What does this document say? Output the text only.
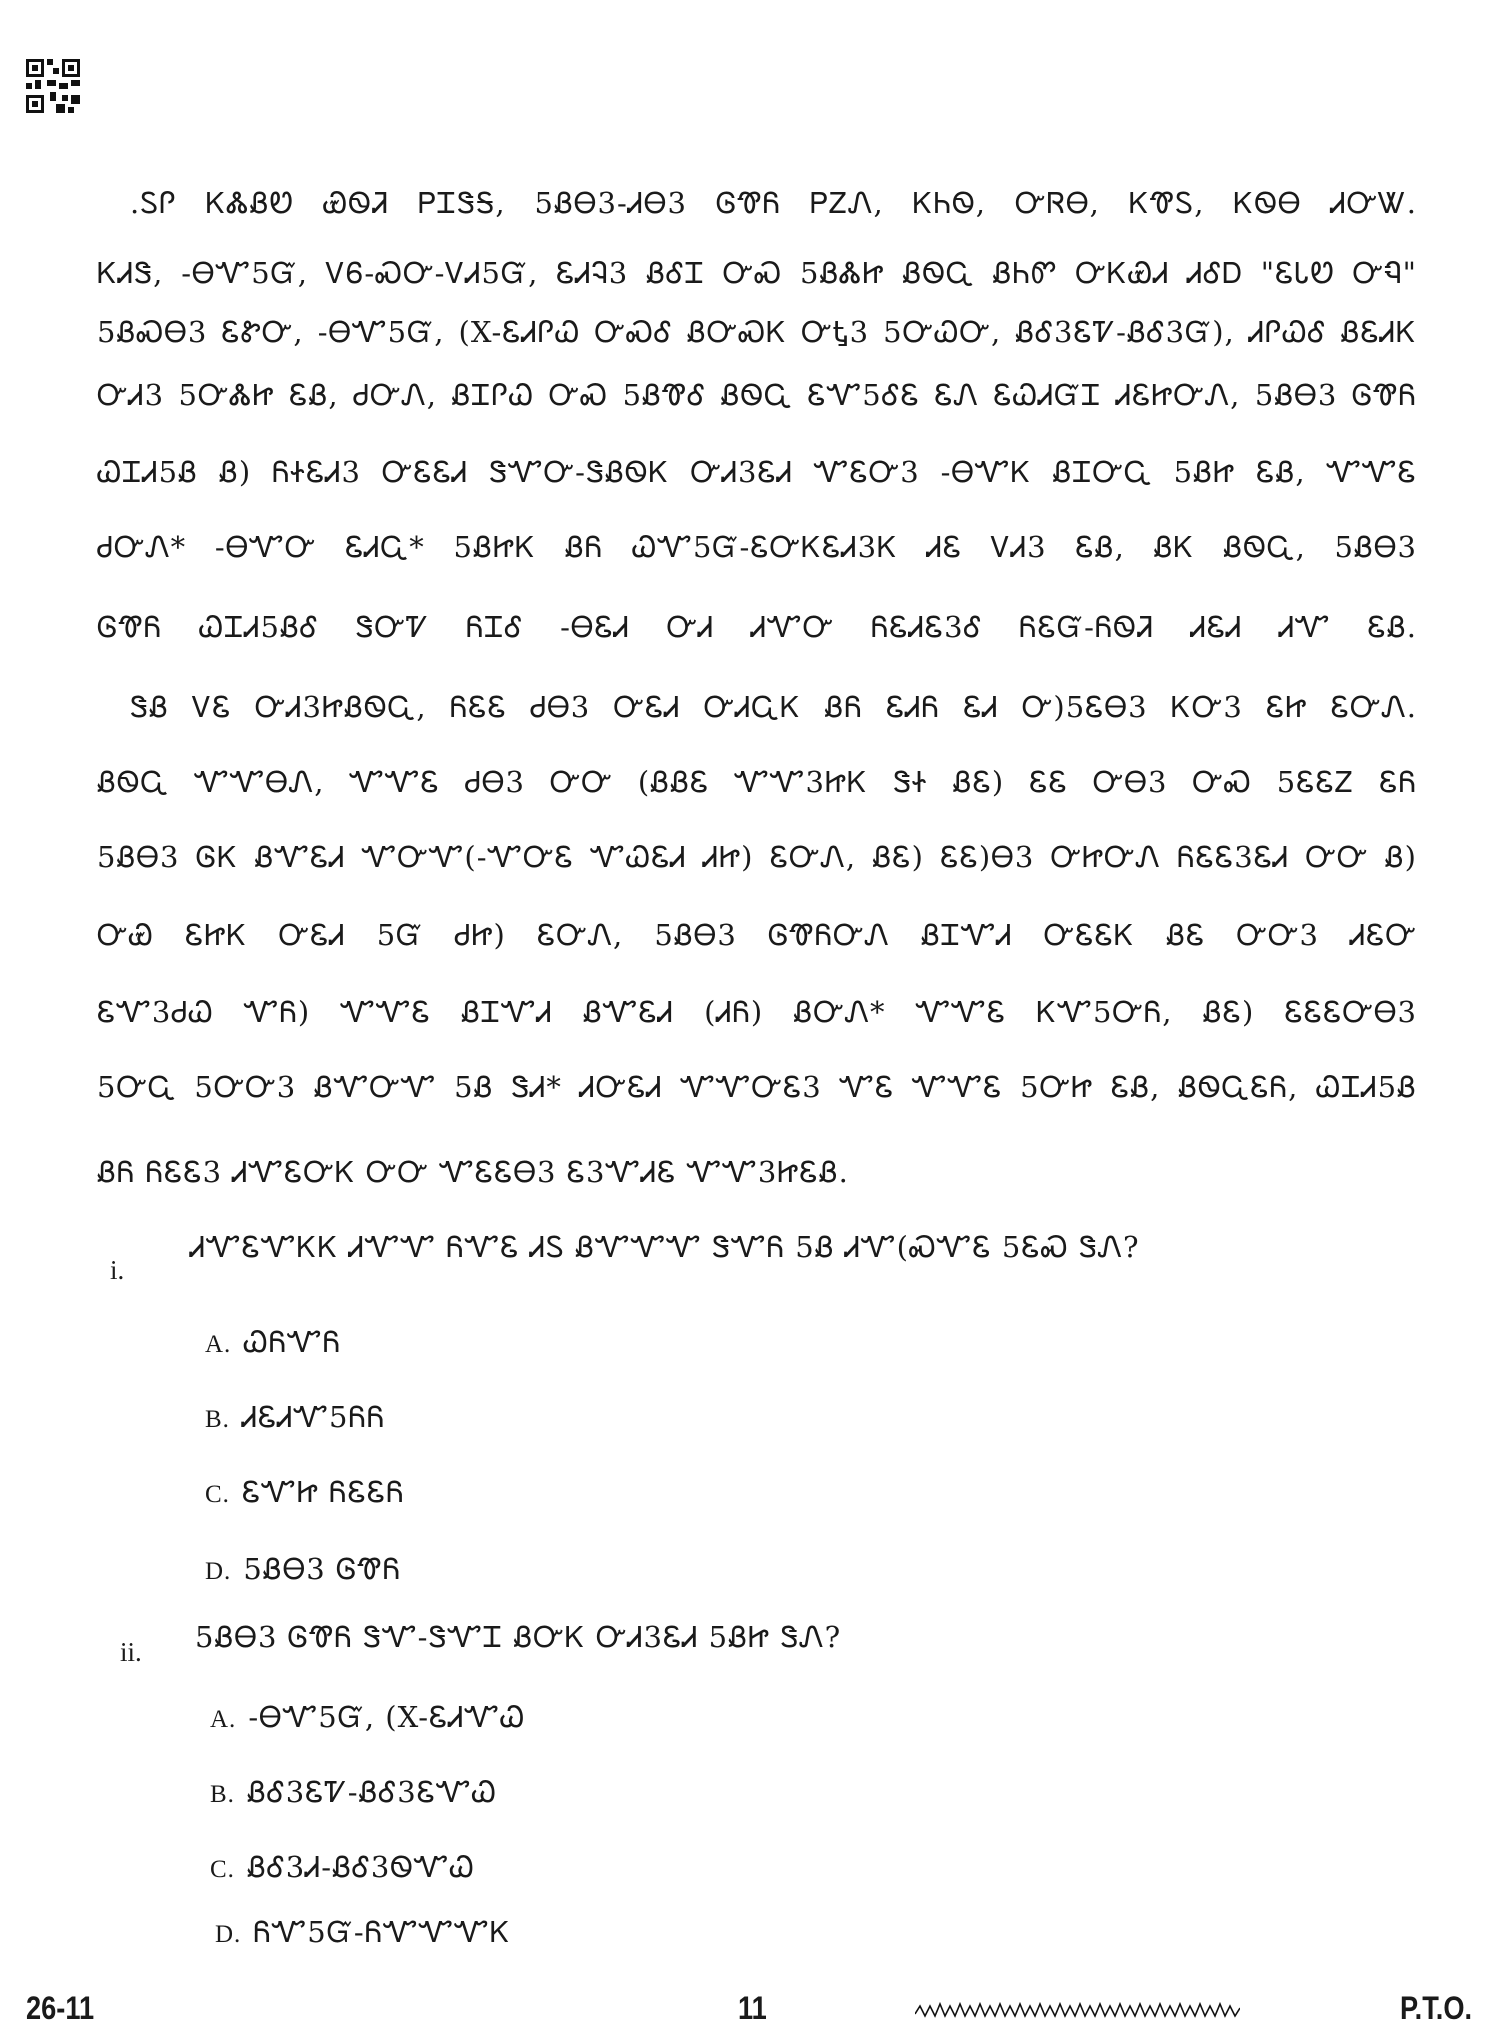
.ᏚᎵ ᏦᏜᏰᏬ ᏯᏫᏘ ᏢᏆᏕᎦ, 5ᏰᎾ3-ᏗᎾ3 ᎶᏡᏲ ᏢᏃᏁ, ᏦᏂᏫ, ᏅᏒᎾ, ᏦᏡᏚ, ᏦᏫᎾ ᏗᏅᏔ.
ᏦᏗᏕ, -ᎾᏉ5Ᏻ, ᏙᏮ-ᏍᏅ-ᏙᏗ5Ᏻ, ᏋᏗᎸ3 ᏰᎴᏆ ᏅᏍ 5ᏰᏜᏥ ᏰᏫᏩ ᏰᏂᏛ ᏅᏦᏯᏗ ᏗᎴᎠ "ᏋᏓᏬ ᏅᏄ"
5ᏰᏍᎾ3 ᏋᏑᏅ, -ᎾᏉ5Ᏻ, (X-ᏋᏗᎵᏇ ᏅᏍᎴ ᏰᏅᏍᏦ ᏅᎿ3 5ᏅᏇᏅ, ᏰᎴ3ᏋᏤ-ᏰᎴ3Ᏻ), ᏗᎵᏇᎴ ᏰᏋᏗᏦ
ᏅᏗ3 5ᏅᏜᏥ ᏋᏰ, ᏧᏅᏁ, ᏰᏆᎵᏇ ᏅᏍ 5ᏰᏡᎴ ᏰᏫᏩ ᏋᏉ5ᎴᏋ ᏋᏁ ᏋᏇᏗᏳᏆ ᏗᏋᏥᏅᏁ, 5ᏰᎾ3 ᎶᏡᏲ
ᏇᏆᏗ5Ᏸ Ᏸ) ᏲᏐᏋᏗ3 ᏅᏋᏋᏗ ᏕᏉᏅ-ᏕᏰᏫᏦ ᏅᏗ3ᏋᏗ ᏉᏋᏅ3 -ᎾᏉᏦ ᏰᏆᏅᏩ 5ᏰᏥ ᏋᏰ, ᏉᏉᏋ
ᏧᏅᏁ* -ᎾᏉᏅ ᏋᏗᏩ* 5ᏰᏥᏦ ᏰᏲ ᏇᏉ5Ᏻ-ᏋᏅᏦᏋᏗ3Ꮶ ᏗᏋ ᏙᏗ3 ᏋᏰ, ᏰᏦ ᏰᏫᏩ, 5ᏰᎾ3
ᎶᏡᏲ ᏇᏆᏗ5ᏰᎴ ᏕᏅᏤ ᏲᏆᎴ -ᎾᏋᏗ ᏅᏗ ᏗᏉᏅ ᏲᏋᏗᏋ3Ꮄ ᏲᏋᏳ-ᏲᏫᏘ ᏗᏋᏗ ᏗᏉ ᏋᏰ.
ᏕᏰ ᏙᏋ ᏅᏗ3ᏥᏰᏫᏩ, ᏲᏋᏋ ᏧᎾ3 ᏅᏋᏗ ᏅᏗᏩᏦ ᏰᏲ ᏋᏗᏲ ᏋᏗ Ꮕ)5ᏋᎾ3 ᏦᏅ3 ᏋᏥ ᏋᏅᏁ.
ᏰᏫᏩ ᏉᏉᎾᏁ, ᏉᏉᏋ ᏧᎾ3 ᏅᏅ (ᏰᏰᏋ ᏉᏉ3ᏥᏦ ᏕᏐ ᏰᏋ) ᏋᏋ ᏅᎾ3 ᏅᏍ 5ᏋᏋᏃ ᏋᏲ
5ᏰᎾ3 ᎶᏦ ᏰᏉᏋᏗ ᏉᏅᏉ(-ᏉᏅᏋ ᏉᏇᏋᏗ ᏗᏥ) ᏋᏅᏁ, ᏰᏋ) ᏋᏋ)Ꮎ3 ᏅᏥᏅᏁ ᏲᏋᏋ3ᏋᏗ ᏅᏅ Ᏸ)
ᏅᏯ ᏋᏥᏦ ᏅᏋᏗ 5Ᏻ ᏧᏥ) ᏋᏅᏁ, 5ᏰᎾ3 ᎶᏡᏲᏅᏁ ᏰᏆᏉᏗ ᏅᏋᏋᏦ ᏰᏋ ᏅᏅ3 ᏗᏋᏅ
ᏋᏉ3ᏧᏇ ᏉᏲ) ᏉᏉᏋ ᏰᏆᏉᏗ ᏰᏉᏋᏗ (ᏗᏲ) ᏰᏅᏁ* ᏉᏉᏋ ᏦᏉ5ᏅᏲ, ᏰᏋ) ᏋᏋᏋᏅᎾ3
5ᏅᏩ 5ᏅᏅ3 ᏰᏉᏅᏉ 5Ᏸ ᏕᏗ* ᏗᏅᏋᏗ ᏉᏉᏅᏋ3 ᏉᏋ ᏉᏉᏋ 5ᏅᏥ ᏋᏰ, ᏰᏫᏩᏋᏲ, ᏇᏆᏗ5Ᏸ
ᏰᏲ ᏲᏋᏋ3 ᏗᏉᏋᏅᏦ ᏅᏅ ᏉᏋᏋᎾ3 Ꮛ3ᏉᏗᏋ ᏉᏉ3ᏥᏋᏰ.
i.
ᏗᏉᏋᏉᏦᏦ ᏗᏉᏉ ᏲᏉᏋ ᏗᏚ ᏰᏉᏉᏉ ᏕᏉᏲ 5Ᏸ ᏗᏉ(ᏍᏉᏋ 5ᏋᏍ ᏕᏁ?
A. ᏇᏲᏉᏲ
B. ᏗᏋᏗᏉ5ᏲᏲ
C. ᏋᏉᏥ ᏲᏋᏋᏲ
D. 5ᏰᎾ3 ᎶᏡᏲ
ii. 5ᏰᎾ3 ᎶᏡᏲ ᏕᏉ-ᏕᏉᏆ ᏰᏅᏦ ᏅᏗ3ᏋᏗ 5ᏰᏥ ᏕᏁ?
A. -ᎾᏉ5Ᏻ, (X-ᏋᏗᏉᏇ
B. ᏰᎴ3ᏋᏤ-ᏰᎴ3ᏋᏉᏇ
C. ᏰᎴ3Ꮧ-ᏰᎴ3ᏫᏉᏇ
D. ᏲᏉ5Ᏻ-ᏲᏉᏉᏉᏦ
26-11	11	P.T.O.
